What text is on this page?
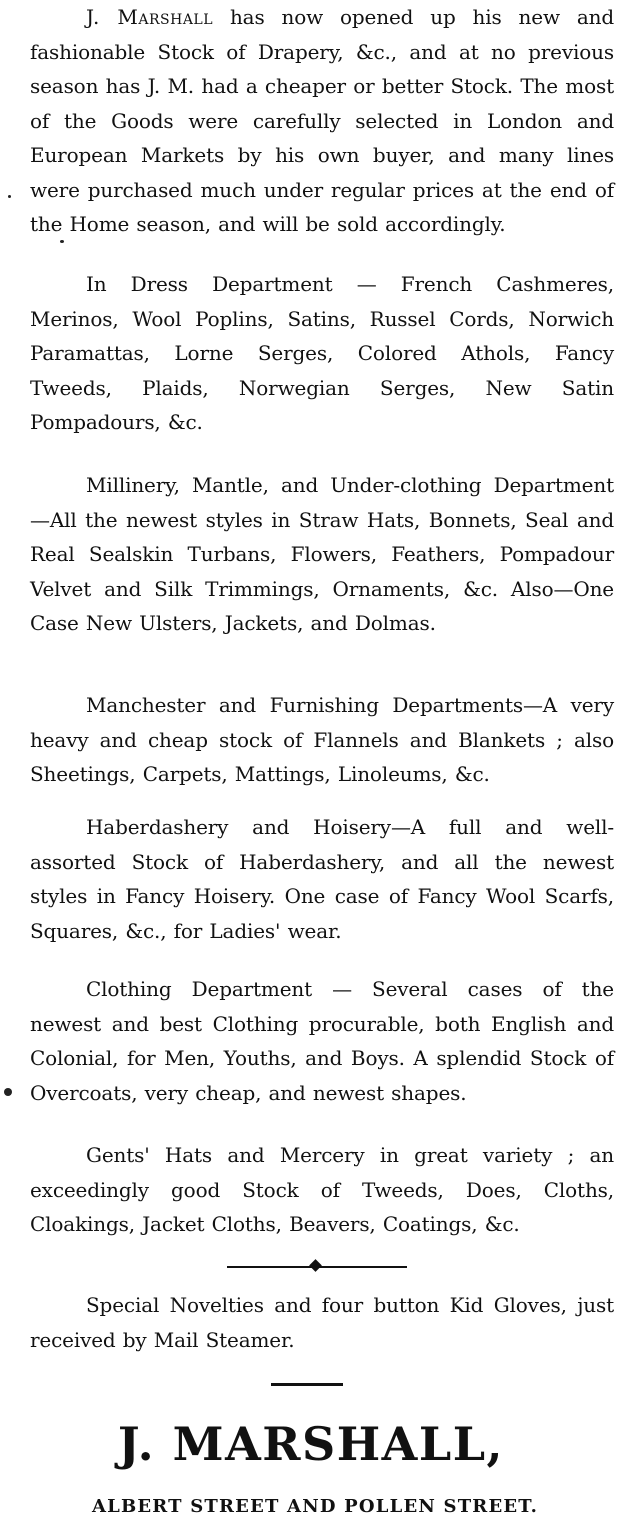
J. Marshall has now opened up his new and fashionable Stock of Drapery, &c., and at no previous season has J. M. had a cheaper or better Stock. The most of the Goods were carefully selected in London and European Markets by his own buyer, and many lines were purchased much under regular prices at the end of the Home season, and will be sold accordingly.

In Dress Department — French Cashmeres, Merinos, Wool Poplins, Satins, Russel Cords, Norwich Paramattas, Lorne Serges, Colored Athols, Fancy Tweeds, Plaids, Norwegian Serges, New Satin Pompadours, &c.

Millinery, Mantle, and Under-clothing Department—All the newest styles in Straw Hats, Bonnets, Seal and Real Sealskin Turbans, Flowers, Feathers, Pompadour Velvet and Silk Trimmings, Ornaments, &c. Also—One Case New Ulsters, Jackets, and Dolmas.

Manchester and Furnishing Departments—A very heavy and cheap stock of Flannels and Blankets ; also Sheetings, Carpets, Mattings, Linoleums, &c.

Haberdashery and Hoisery—A full and well-assorted Stock of Haberdashery, and all the newest styles in Fancy Hoisery. One case of Fancy Wool Scarfs, Squares, &c., for Ladies' wear.

Clothing Department — Several cases of the newest and best Clothing procurable, both English and Colonial, for Men, Youths, and Boys. A splendid Stock of Overcoats, very cheap, and newest shapes.

Gents' Hats and Mercery in great variety ; an exceedingly good Stock of Tweeds, Does, Cloths, Cloakings, Jacket Cloths, Beavers, Coatings, &c.

Special Novelties and four button Kid Gloves, just received by Mail Steamer.

J. MARSHALL,

ALBERT STREET AND POLLEN STREET.
